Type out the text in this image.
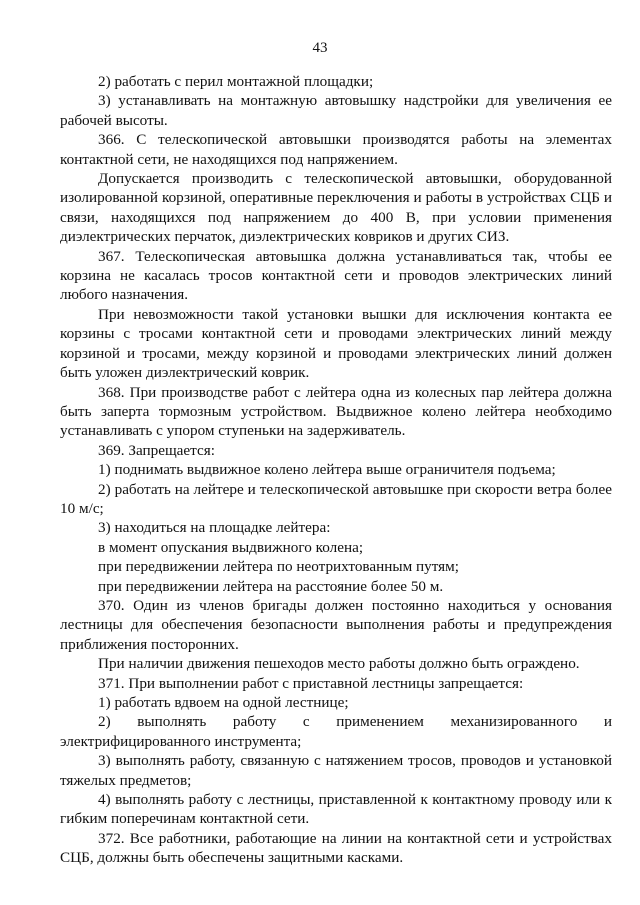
43

2) работать с перил монтажной площадки;

3) устанавливать на монтажную автовышку надстройки для увеличения ее рабочей высоты.

366. С телескопической автовышки производятся работы на элементах контактной сети, не находящихся под напряжением.

Допускается производить с телескопической автовышки, оборудованной изолированной корзиной, оперативные переключения и работы в устройствах СЦБ и связи, находящихся под напряжением до 400 В, при условии применения диэлектрических перчаток, диэлектрических ковриков и других СИЗ.

367. Телескопическая автовышка должна устанавливаться так, чтобы ее корзина не касалась тросов контактной сети и проводов электрических линий любого назначения.

При невозможности такой установки вышки для исключения контакта ее корзины с тросами контактной сети и проводами электрических линий между корзиной и тросами, между корзиной и проводами электрических линий должен быть уложен диэлектрический коврик.

368. При производстве работ с лейтера одна из колесных пар лейтера должна быть заперта тормозным устройством. Выдвижное колено лейтера необходимо устанавливать с упором ступеньки на задерживатель.

369. Запрещается:

1) поднимать выдвижное колено лейтера выше ограничителя подъема;

2) работать на лейтере и телескопической автовышке при скорости ветра более 10 м/с;

3) находиться на площадке лейтера:

в момент опускания выдвижного колена;

при передвижении лейтера по неотрихтованным путям;

при передвижении лейтера на расстояние более 50 м.

370. Один из членов бригады должен постоянно находиться у основания лестницы для обеспечения безопасности выполнения работы и предупреждения приближения посторонних.

При наличии движения пешеходов место работы должно быть ограждено.

371. При выполнении работ с приставной лестницы запрещается:

1) работать вдвоем на одной лестнице;

2) выполнять работу с применением механизированного и электрифицированного инструмента;

3) выполнять работу, связанную с натяжением тросов, проводов и установкой тяжелых предметов;

4) выполнять работу с лестницы, приставленной к контактному проводу или к гибким поперечинам контактной сети.

372. Все работники, работающие на линии на контактной сети и устройствах СЦБ, должны быть обеспечены защитными касками.
